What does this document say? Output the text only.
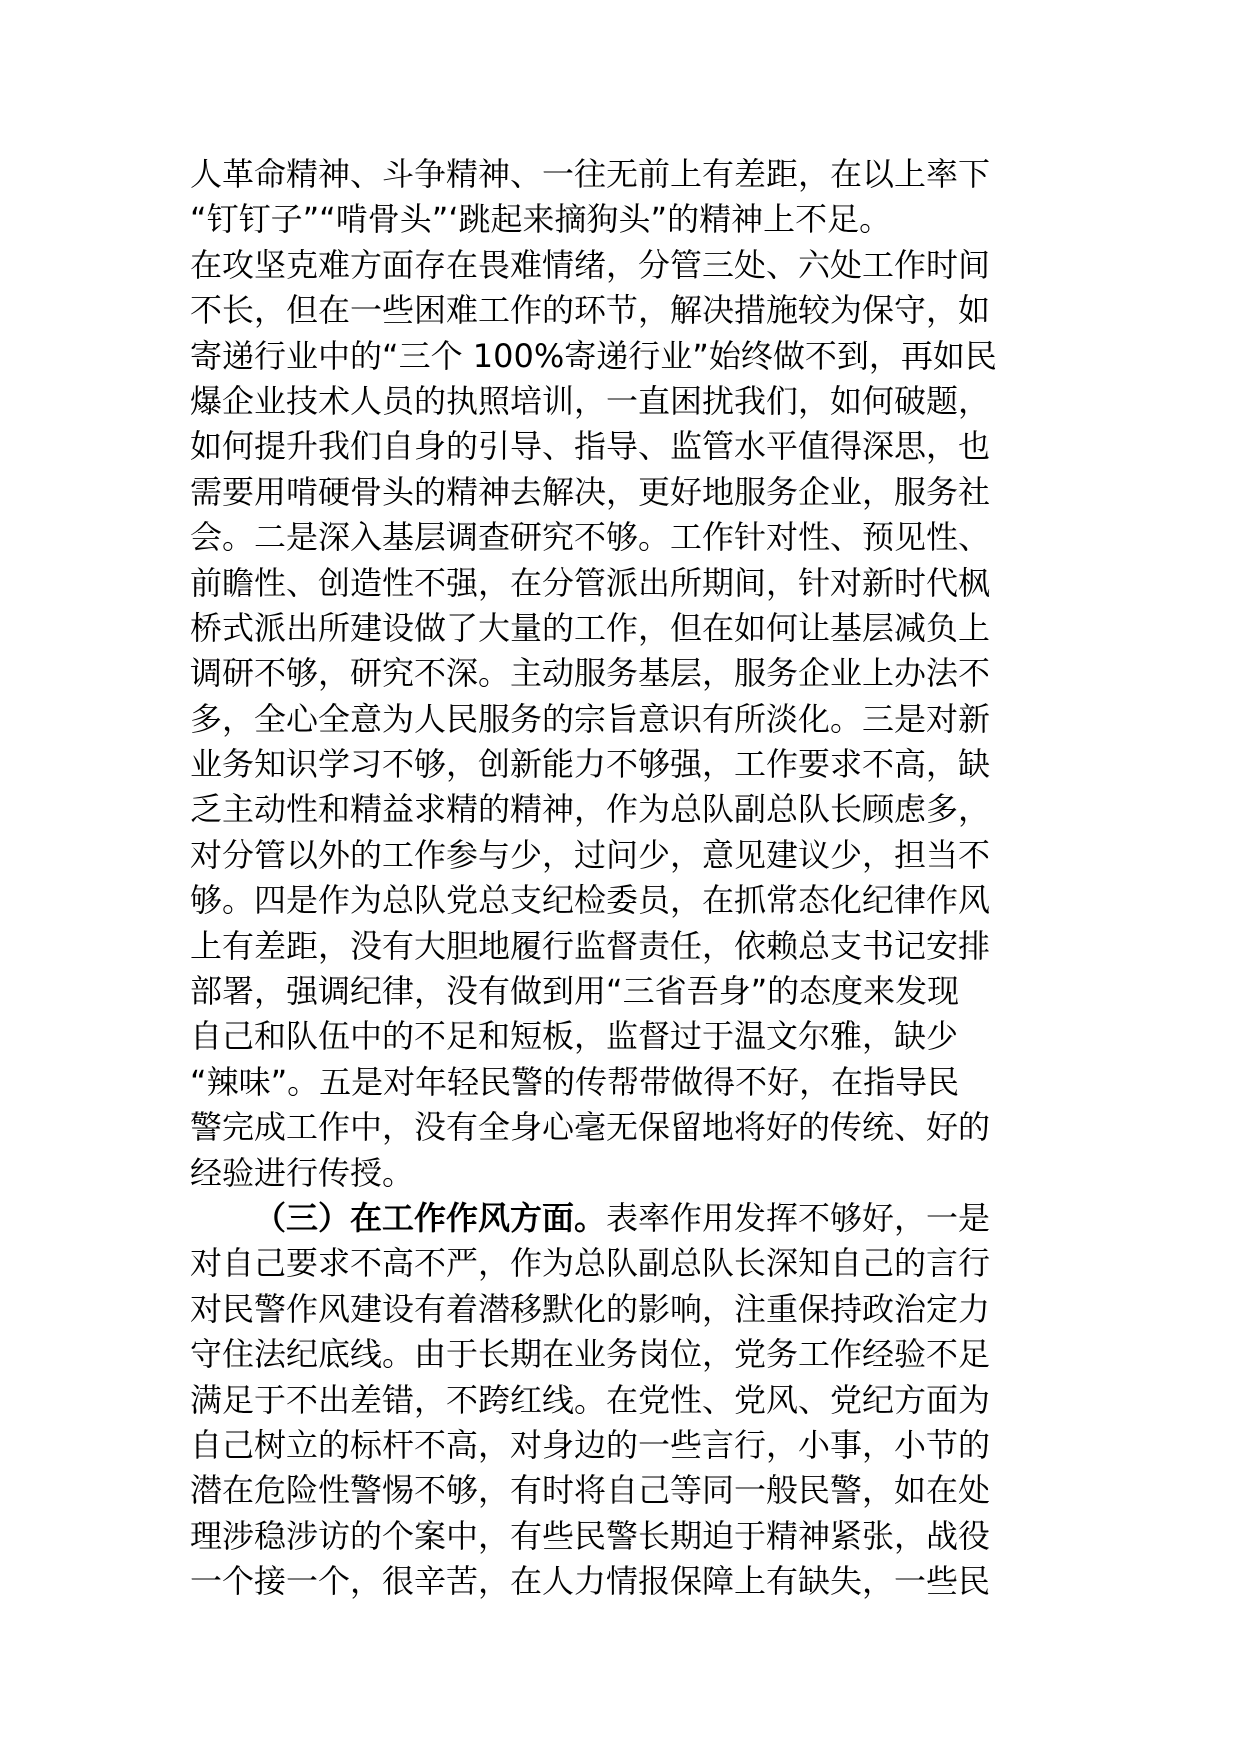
人革命精神、斗争精神、一往无前上有差距，在以上率下
“钉钉子”“啃骨头”‘跳起来摘狗头”的精神上不足。
在攻坚克难方面存在畏难情绪，分管三处、六处工作时间
不长，但在一些困难工作的环节，解决措施较为保守，如
寄递行业中的“三个 100%寄递行业”始终做不到，再如民
爆企业技术人员的执照培训，一直困扰我们，如何破题，
如何提升我们自身的引导、指导、监管水平值得深思，也
需要用啃硬骨头的精神去解决，更好地服务企业，服务社
会。二是深入基层调查研究不够。工作针对性、预见性、
前瞻性、创造性不强，在分管派出所期间，针对新时代枫
桥式派出所建设做了大量的工作，但在如何让基层减负上
调研不够，研究不深。主动服务基层，服务企业上办法不
多，全心全意为人民服务的宗旨意识有所淡化。三是对新
业务知识学习不够，创新能力不够强，工作要求不高，缺
乏主动性和精益求精的精神，作为总队副总队长顾虑多，
对分管以外的工作参与少，过问少，意见建议少，担当不
够。四是作为总队党总支纪检委员，在抓常态化纪律作风
上有差距，没有大胆地履行监督责任，依赖总支书记安排
部署，强调纪律，没有做到用“三省吾身”的态度来发现
自己和队伍中的不足和短板，监督过于温文尔雅，缺少
“辣味”。五是对年轻民警的传帮带做得不好，在指导民
警完成工作中，没有全身心毫无保留地将好的传统、好的
经验进行传授。
（三）在工作作风方面。表率作用发挥不够好，一是
对自己要求不高不严，作为总队副总队长深知自己的言行
对民警作风建设有着潜移默化的影响，注重保持政治定力
守住法纪底线。由于长期在业务岗位，党务工作经验不足
满足于不出差错，不跨红线。在党性、党风、党纪方面为
自己树立的标杆不高，对身边的一些言行，小事，小节的
潜在危险性警惕不够，有时将自己等同一般民警，如在处
理涉稳涉访的个案中，有些民警长期迫于精神紧张，战役
一个接一个，很辛苦，在人力情报保障上有缺失，一些民
